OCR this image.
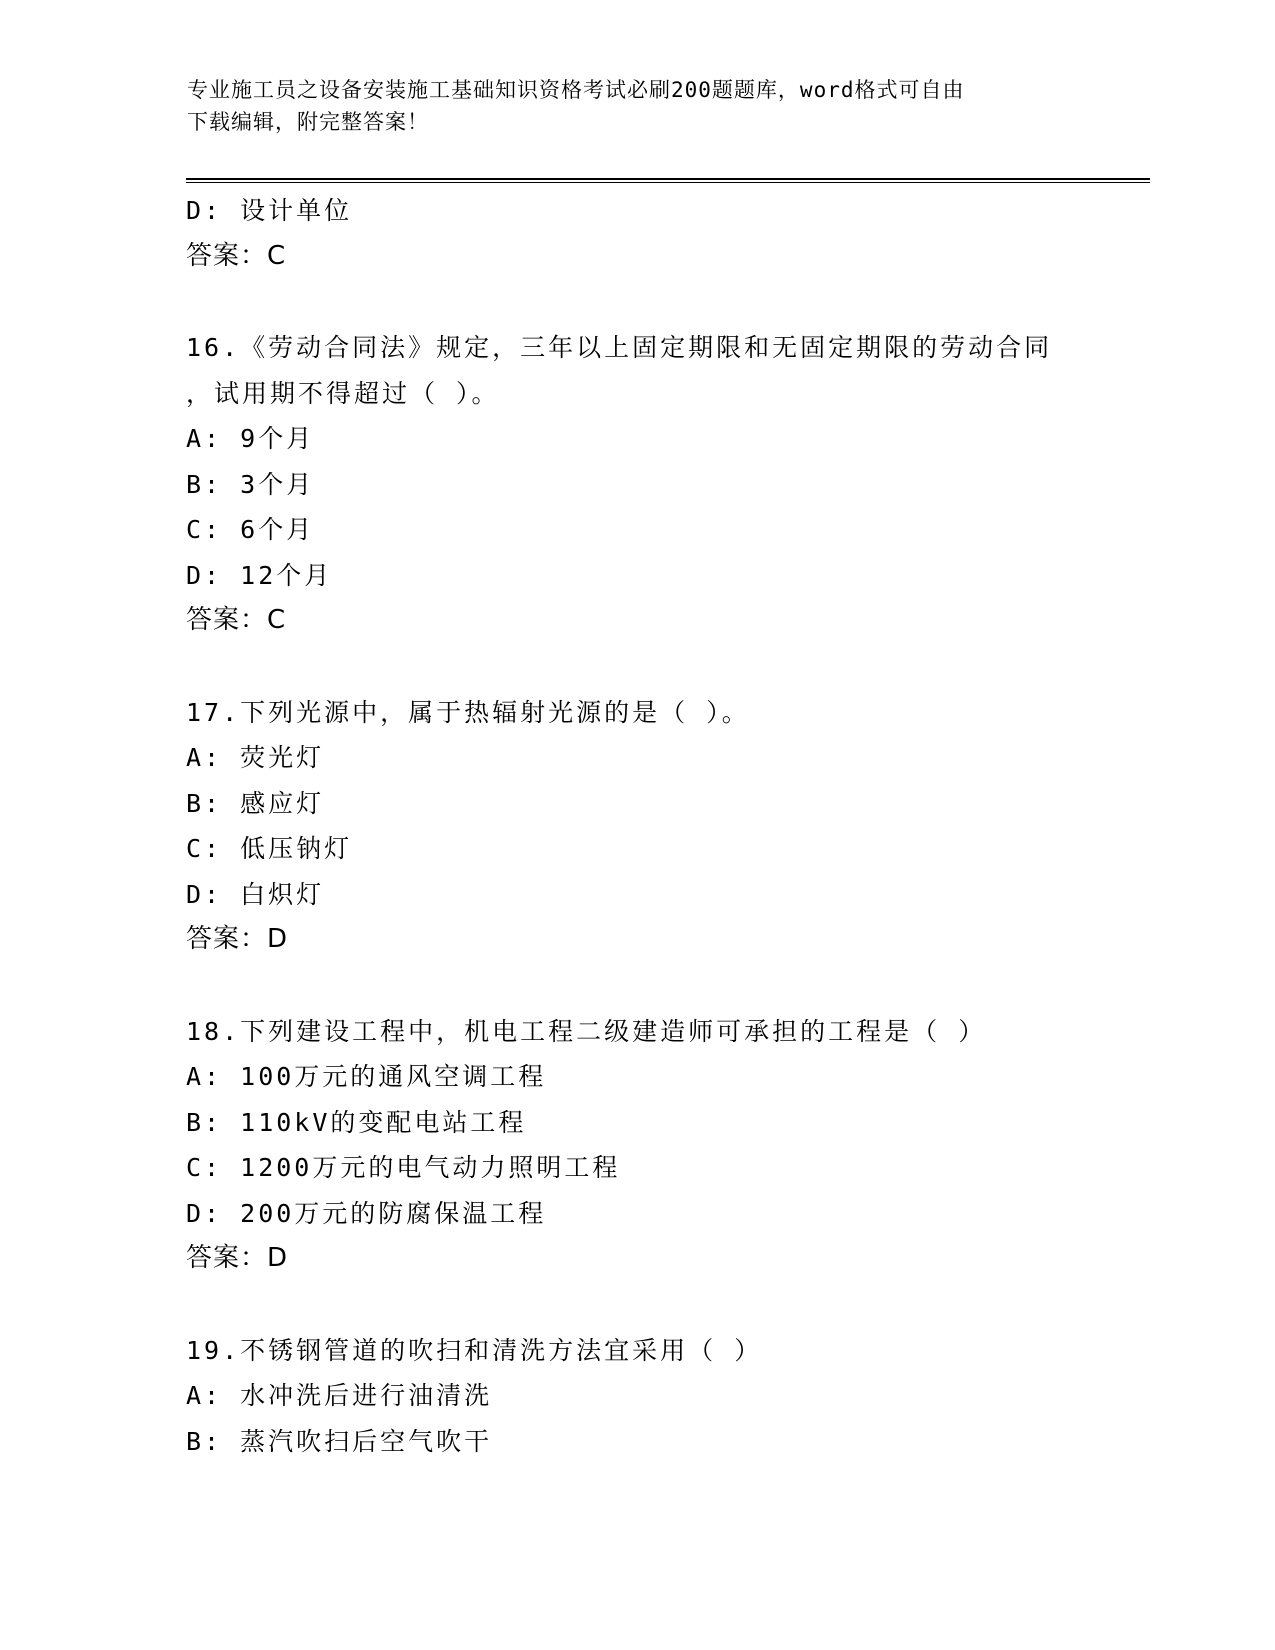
专业施工员之设备安装施工基础知识资格考试必刷200题题库，word格式可自由
下载编辑，附完整答案！
D: 设计单位
答案：C
16.《劳动合同法》规定，三年以上固定期限和无固定期限的劳动合同
，试用期不得超过（ ）。
A: 9个月
B: 3个月
C: 6个月
D: 12个月
答案：C
17.下列光源中，属于热辐射光源的是（ ）。
A: 荧光灯
B: 感应灯
C: 低压钠灯
D: 白炽灯
答案：D
18.下列建设工程中，机电工程二级建造师可承担的工程是（ ）
A: 100万元的通风空调工程
B: 110kV的变配电站工程
C: 1200万元的电气动力照明工程
D: 200万元的防腐保温工程
答案：D
19.不锈钢管道的吹扫和清洗方法宜采用（ ）
A: 水冲洗后进行油清洗
B: 蒸汽吹扫后空气吹干
